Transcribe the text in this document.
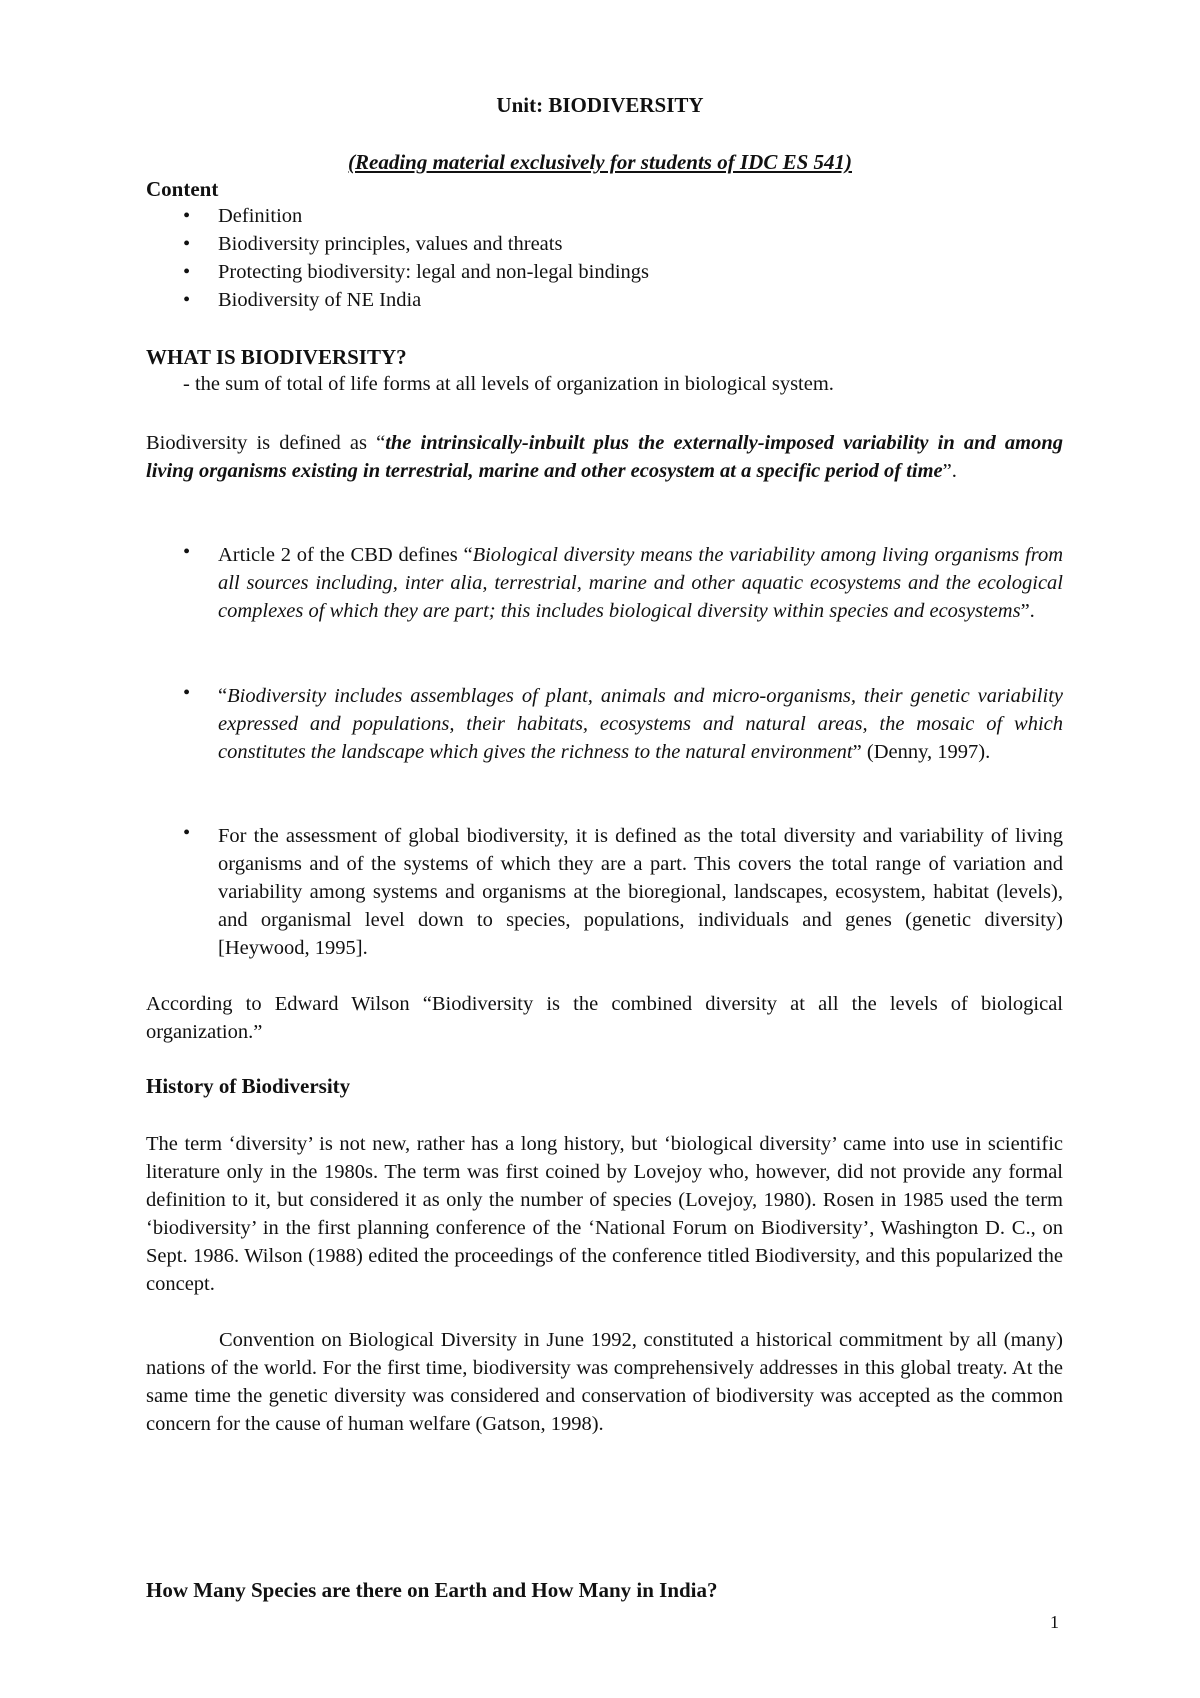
Unit: BIODIVERSITY
(Reading material exclusively for students of IDC ES 541)
Content
• Definition
• Biodiversity principles, values and threats
• Protecting biodiversity: legal and non-legal bindings
• Biodiversity of NE India
WHAT IS BIODIVERSITY?
- the sum of total of life forms at all levels of organization in biological system.
Biodiversity is defined as “the intrinsically-inbuilt plus the externally-imposed variability in and among living organisms existing in terrestrial, marine and other ecosystem at a specific period of time”.
• Article 2 of the CBD defines “Biological diversity means the variability among living organisms from all sources including, inter alia, terrestrial, marine and other aquatic ecosystems and the ecological complexes of which they are part; this includes biological diversity within species and ecosystems”.
• “Biodiversity includes assemblages of plant, animals and micro-organisms, their genetic variability expressed and populations, their habitats, ecosystems and natural areas, the mosaic of which constitutes the landscape which gives the richness to the natural environment” (Denny, 1997).
• For the assessment of global biodiversity, it is defined as the total diversity and variability of living organisms and of the systems of which they are a part. This covers the total range of variation and variability among systems and organisms at the bioregional, landscapes, ecosystem, habitat (levels), and organismal level down to species, populations, individuals and genes (genetic diversity) [Heywood, 1995].
According to Edward Wilson “Biodiversity is the combined diversity at all the levels of biological organization.”
History of Biodiversity
The term ‘diversity’ is not new, rather has a long history, but ‘biological diversity’ came into use in scientific literature only in the 1980s. The term was first coined by Lovejoy who, however, did not provide any formal definition to it, but considered it as only the number of species (Lovejoy, 1980). Rosen in 1985 used the term ‘biodiversity’ in the first planning conference of the ‘National Forum on Biodiversity’, Washington D. C., on Sept. 1986. Wilson (1988) edited the proceedings of the conference titled Biodiversity, and this popularized the concept.
Convention on Biological Diversity in June 1992, constituted a historical commitment by all (many) nations of the world. For the first time, biodiversity was comprehensively addresses in this global treaty. At the same time the genetic diversity was considered and conservation of biodiversity was accepted as the common concern for the cause of human welfare (Gatson, 1998).
How Many Species are there on Earth and How Many in India?
1
